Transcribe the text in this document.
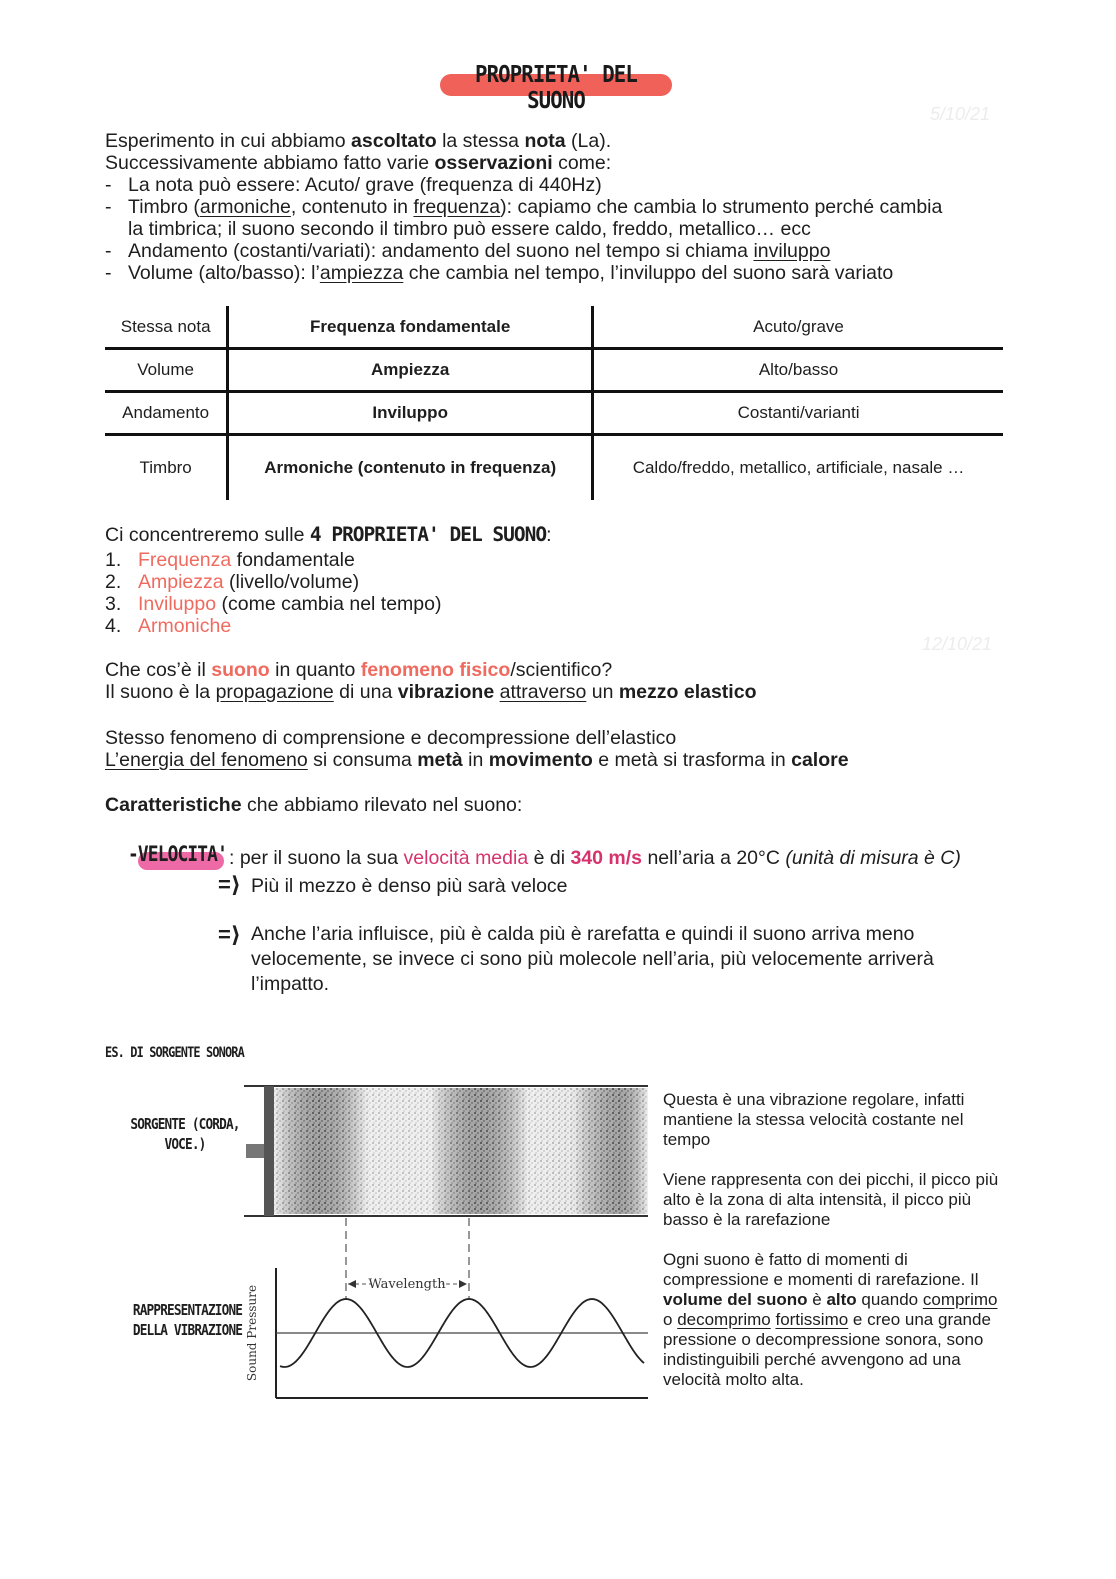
PROPRIETA' DEL SUONO	5/10/21

Esperimento in cui abbiamo ascoltato la stessa nota (La).

Successivamente abbiamo fatto varie osservazioni come:

- La nota può essere: Acuto/ grave (frequenza di 440Hz)
- Timbro (armoniche, contenuto in frequenza): capiamo che cambia lo strumento perché cambia
la timbrica; il suono secondo il timbro può essere caldo, freddo, metallico… ecc
- Andamento (costanti/variati): andamento del suono nel tempo si chiama inviluppo
- Volume (alto/basso): l’ampiezza che cambia nel tempo, l’inviluppo del suono sarà variato
Stessa nota	Frequenza fondamentale	Acuto/grave
Volume	Ampiezza	Alto/basso
Andamento	Inviluppo	Costanti/varianti
Timbro	Armoniche (contenuto in frequenza)	Caldo/freddo, metallico, artificiale, nasale …

Ci concentreremo sulle 4 PROPRIETA' DEL SUONO:

1. Frequenza fondamentale
2. Ampiezza (livello/volume)
3. Inviluppo (come cambia nel tempo)
4. Armoniche
12/10/21

Che cos’è il suono in quanto fenomeno fisico/scientifico?

Il suono è la propagazione di una vibrazione attraverso un mezzo elastico

Stesso fenomeno di comprensione e decompressione dell’elastico

L’energia del fenomeno si consuma metà in movimento e metà si trasforma in calore

Caratteristiche che abbiamo rilevato nel suono:

-VELOCITA' : per il suono la sua velocità media è di 340 m/s nell’aria a 20°C (unità di misura è C)

=⟩ Più il mezzo è denso più sarà veloce
=⟩ Anche l’aria influisce, più è calda più è rarefatta e quindi il suono arriva meno velocemente, se invece ci sono più molecole nell’aria, più velocemente arriverà l’impatto.
ES. DI SORGENTE SONORA
SORGENTE (CORDA, VOCE.)
RAPPRESENTAZIONE DELLA VIBRAZIONE
Wavelength
Sound Pressure

Questa è una vibrazione regolare, infatti mantiene la stessa velocità costante nel tempo

Viene rappresenta con dei picchi, il picco più alto è la zona di alta intensità, il picco più basso è la rarefazione

Ogni suono è fatto di momenti di compressione e momenti di rarefazione. Il volume del suono è alto quando comprimo o decomprimo fortissimo e creo una grande pressione o decompressione sonora, sono indistinguibili perché avvengono ad una velocità molto alta.
